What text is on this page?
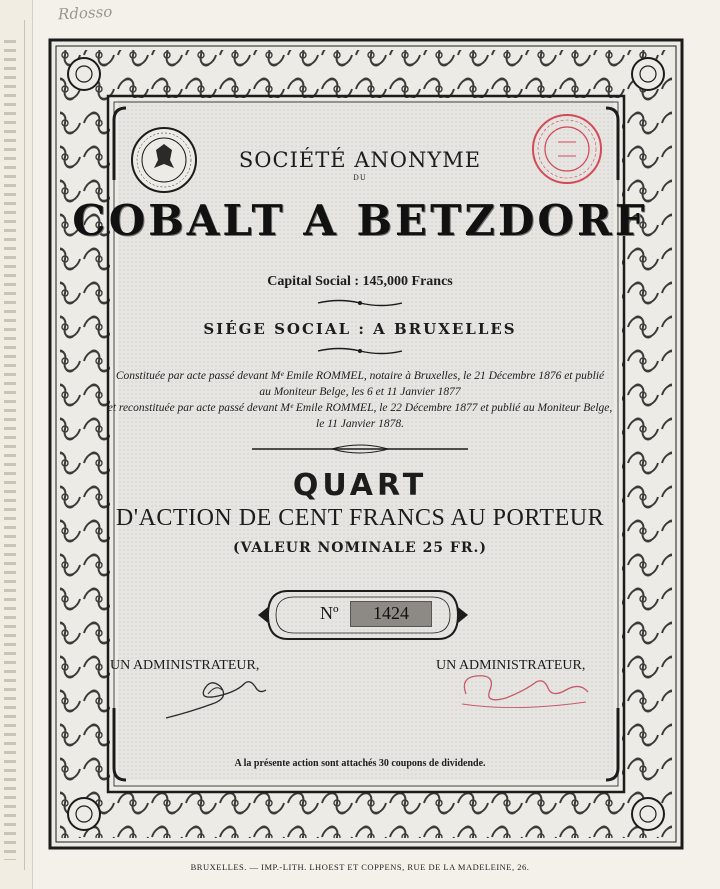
Rdosso
SOCIÉTÉ ANONYME
DU
COBALT A BETZDORF
Capital Social : 145,000 Francs
SIÉGE SOCIAL : A BRUXELLES
Constituée par acte passé devant Mᵉ Emile ROMMEL, notaire à Bruxelles, le 21 Décembre 1876 et publié
au Moniteur Belge, les 6 et 11 Janvier 1877
et reconstituée par acte passé devant Mᵉ Emile ROMMEL, le 22 Décembre 1877 et publié au Moniteur Belge,
le 11 Janvier 1878.
QUART
D'ACTION DE CENT FRANCS AU PORTEUR
(VALEUR NOMINALE 25 FR.)
Nº	1424
UN ADMINISTRATEUR,	UN ADMINISTRATEUR,
A la présente action sont attachés 30 coupons de dividende.
BRUXELLES. — IMP.-LITH. LHOEST ET COPPENS, RUE DE LA MADELEINE, 26.
